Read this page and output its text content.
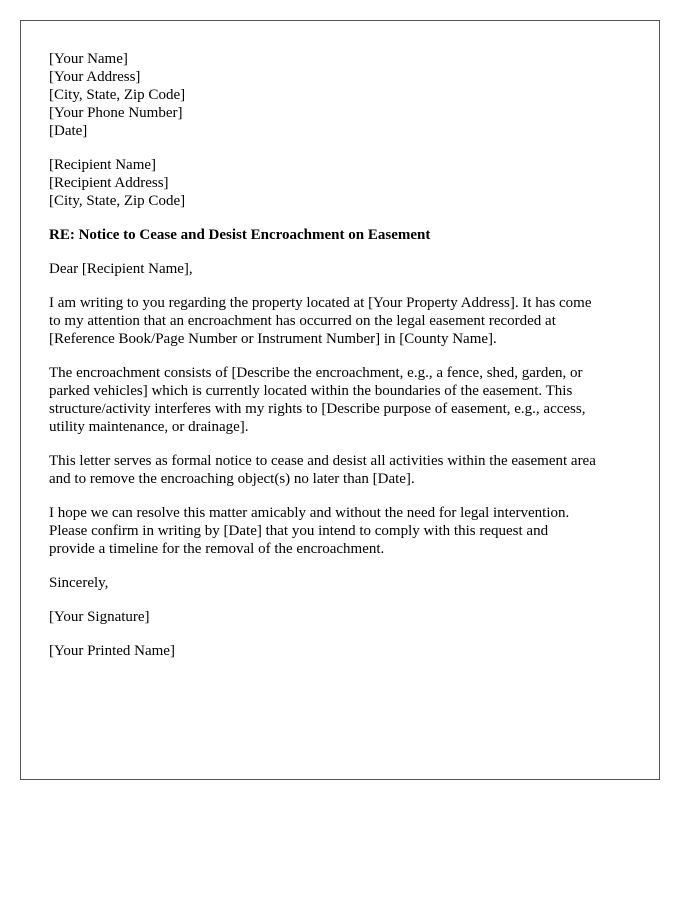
[Your Name]
[Your Address]
[City, State, Zip Code]
[Your Phone Number]
[Date]
[Recipient Name]
[Recipient Address]
[City, State, Zip Code]
RE: Notice to Cease and Desist Encroachment on Easement
Dear [Recipient Name],
I am writing to you regarding the property located at [Your Property Address]. It has come
to my attention that an encroachment has occurred on the legal easement recorded at
[Reference Book/Page Number or Instrument Number] in [County Name].
The encroachment consists of [Describe the encroachment, e.g., a fence, shed, garden, or
parked vehicles] which is currently located within the boundaries of the easement. This
structure/activity interferes with my rights to [Describe purpose of easement, e.g., access,
utility maintenance, or drainage].
This letter serves as formal notice to cease and desist all activities within the easement area
and to remove the encroaching object(s) no later than [Date].
I hope we can resolve this matter amicably and without the need for legal intervention.
Please confirm in writing by [Date] that you intend to comply with this request and
provide a timeline for the removal of the encroachment.
Sincerely,
[Your Signature]
[Your Printed Name]
